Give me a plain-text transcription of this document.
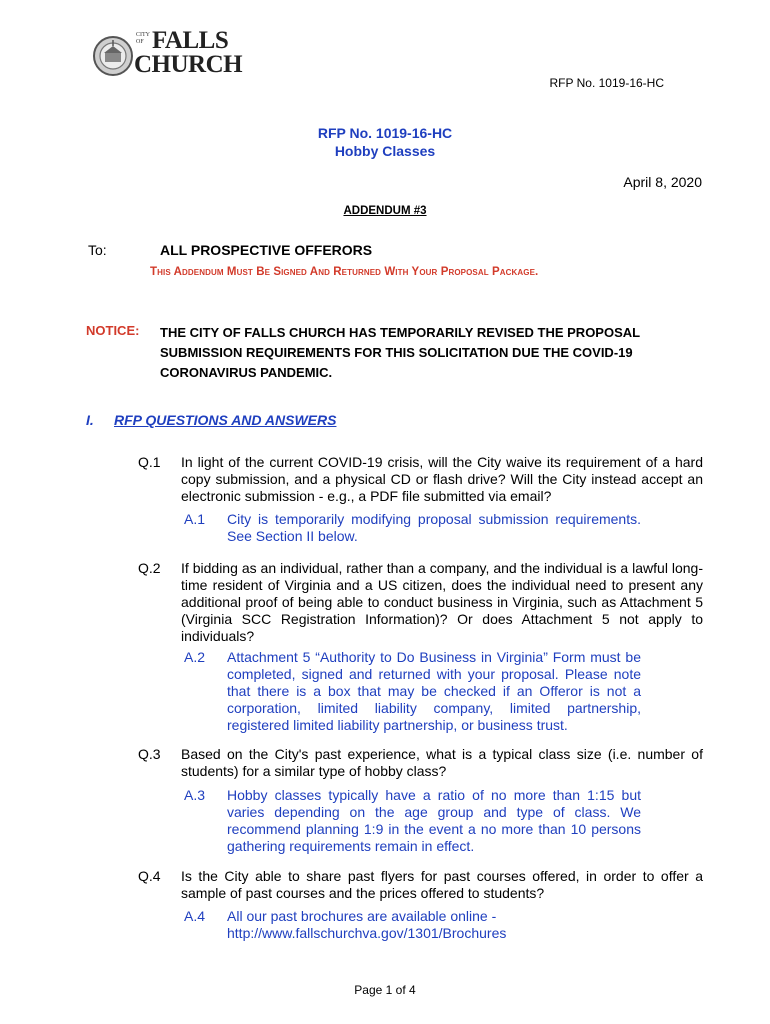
CITY OF FALLS
CHURCH
RFP No. 1019-16-HC
RFP No. 1019-16-HC
Hobby Classes
April 8, 2020
ADDENDUM #3
To:	ALL PROSPECTIVE OFFERORS
This Addendum Must Be Signed And Returned With Your Proposal Package.
NOTICE: THE CITY OF FALLS CHURCH HAS TEMPORARILY REVISED THE PROPOSAL SUBMISSION REQUIREMENTS FOR THIS SOLICITATION DUE THE COVID-19 CORONAVIRUS PANDEMIC.
I. RFP QUESTIONS AND ANSWERS
Q.1 In light of the current COVID-19 crisis, will the City waive its requirement of a hard copy submission, and a physical CD or flash drive? Will the City instead accept an electronic submission - e.g., a PDF file submitted via email?
A.1 City is temporarily modifying proposal submission requirements. See Section II below.
Q.2 If bidding as an individual, rather than a company, and the individual is a lawful long-time resident of Virginia and a US citizen, does the individual need to present any additional proof of being able to conduct business in Virginia, such as Attachment 5 (Virginia SCC Registration Information)? Or does Attachment 5 not apply to individuals?
A.2 Attachment 5 “Authority to Do Business in Virginia” Form must be completed, signed and returned with your proposal. Please note that there is a box that may be checked if an Offeror is not a corporation, limited liability company, limited partnership, registered limited liability partnership, or business trust.
Q.3 Based on the City's past experience, what is a typical class size (i.e. number of students) for a similar type of hobby class?
A.3 Hobby classes typically have a ratio of no more than 1:15 but varies depending on the age group and type of class. We recommend planning 1:9 in the event a no more than 10 persons gathering requirements remain in effect.
Q.4 Is the City able to share past flyers for past courses offered, in order to offer a sample of past courses and the prices offered to students?
A.4 All our past brochures are available online -
http://www.fallschurchva.gov/1301/Brochures
Page 1 of 4
